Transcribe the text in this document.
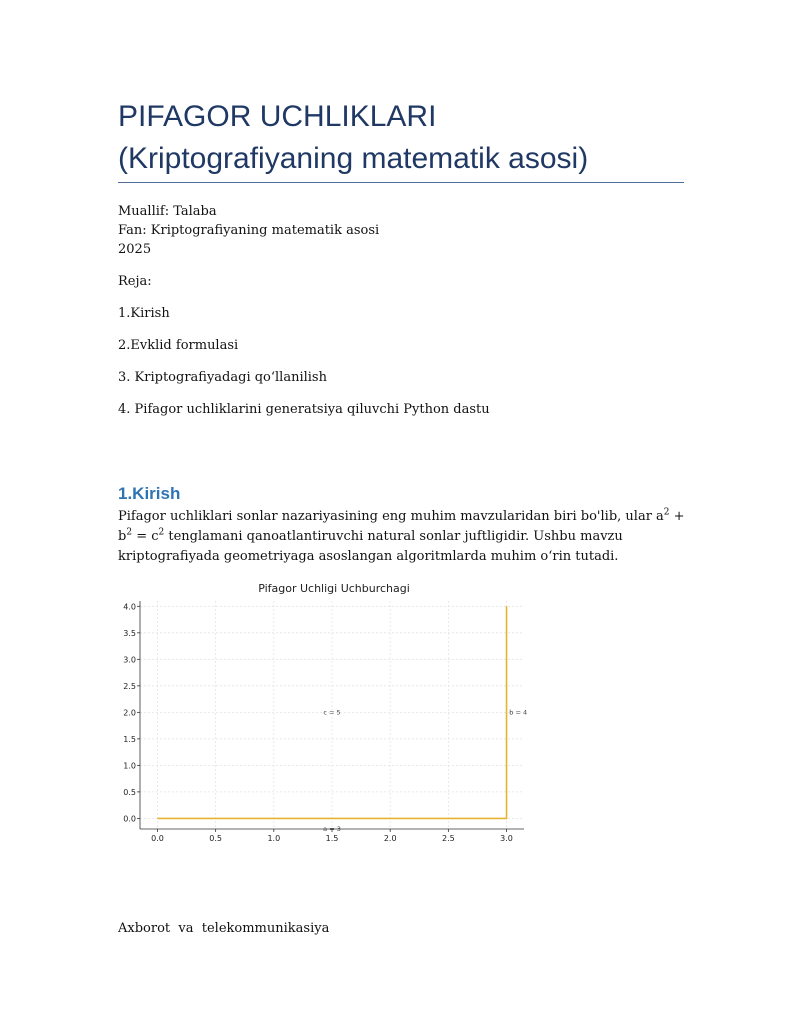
PIFAGOR UCHLIKLARI
(Kriptografiyaning matematik asosi)
Muallif: Talaba
Fan: Kriptografiyaning matematik asosi
2025
Reja:
1.Kirish
2.Evklid formulasi
3. Kriptografiyadagi qo‘llanilish
4. Pifagor uchliklarini generatsiya qiluvchi Python dastu
1.Kirish

Pifagor uchliklari sonlar nazariyasining eng muhim mavzularidan biri bo'lib, ular $a^2 + b^2 = c^2$ tenglamani qanoatlantiruvchi natural sonlar juftligidir. Ushbu mavzu kriptografiyada geometriyaga asoslangan algoritmlarda muhim o‘rin tutadi.

0.0	0.5	1.0	1.5	2.0	2.5	3.0
0.0
0.5
1.0
1.5
2.0
2.5
3.0
3.5
4.0
c = 5	b = 4
a = 3
Pifagor Uchligi Uchburchagi
Axborot  va  telekommunikasiya
